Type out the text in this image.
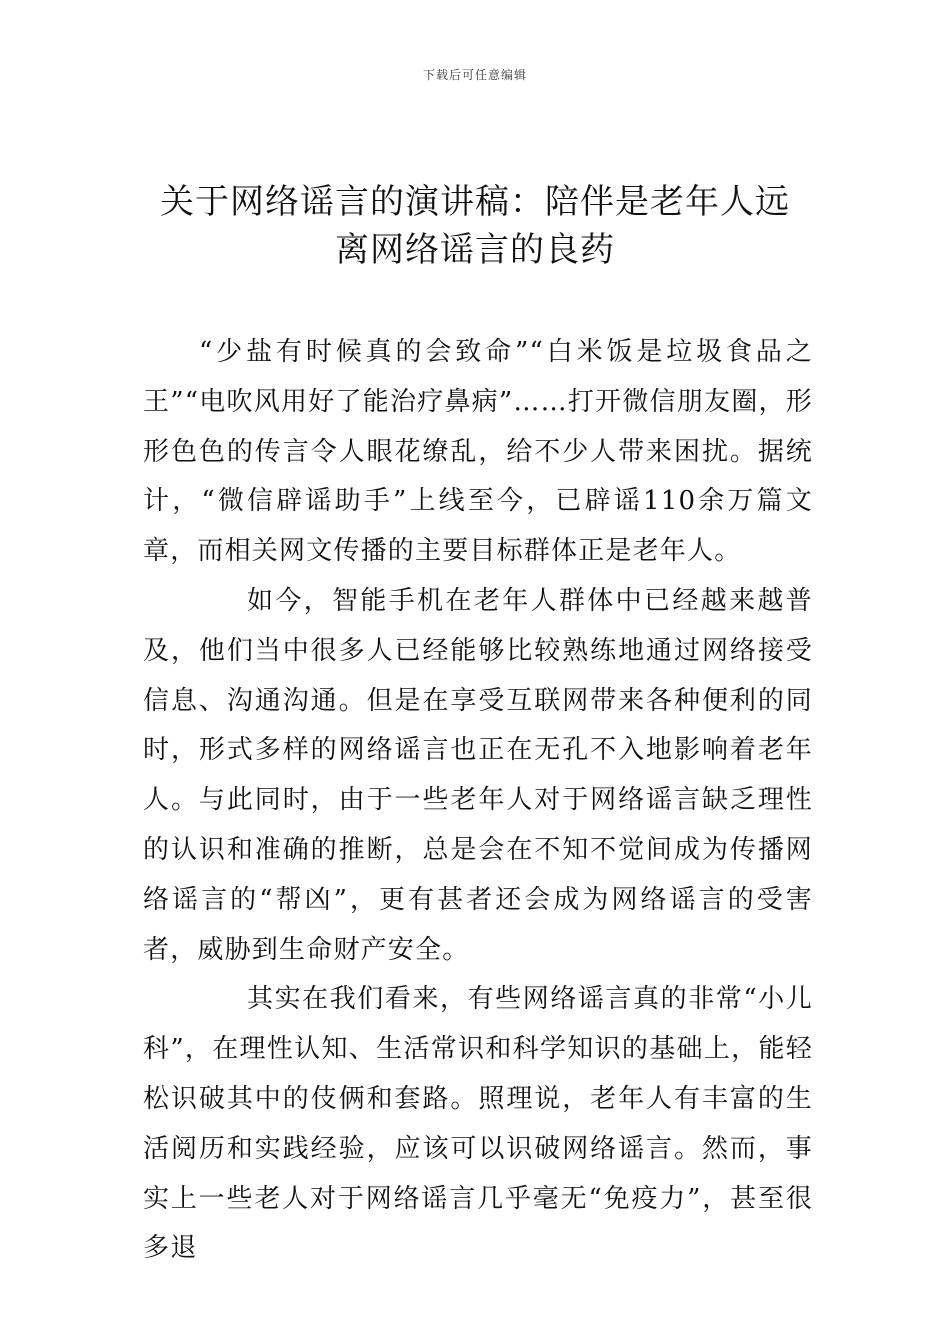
下载后可任意编辑
关于网络谣言的演讲稿：陪伴是老年人远
离网络谣言的良药

“少盐有时候真的会致命”“白米饭是垃圾食品之王”“电吹风用好了能治疗鼻病”……打开微信朋友圈，形形色色的传言令人眼花缭乱，给不少人带来困扰。据统计，“微信辟谣助手”上线至今，已辟谣110余万篇文章，而相关网文传播的主要目标群体正是老年人。

如今，智能手机在老年人群体中已经越来越普及，他们当中很多人已经能够比较熟练地通过网络接受信息、沟通沟通。但是在享受互联网带来各种便利的同时，形式多样的网络谣言也正在无孔不入地影响着老年人。与此同时，由于一些老年人对于网络谣言缺乏理性的认识和准确的推断，总是会在不知不觉间成为传播网络谣言的“帮凶”，更有甚者还会成为网络谣言的受害者，威胁到生命财产安全。

其实在我们看来，有些网络谣言真的非常“小儿科”，在理性认知、生活常识和科学知识的基础上，能轻松识破其中的伎俩和套路。照理说，老年人有丰富的生活阅历和实践经验，应该可以识破网络谣言。然而，事实上一些老人对于网络谣言几乎毫无“免疫力”，甚至很多退
